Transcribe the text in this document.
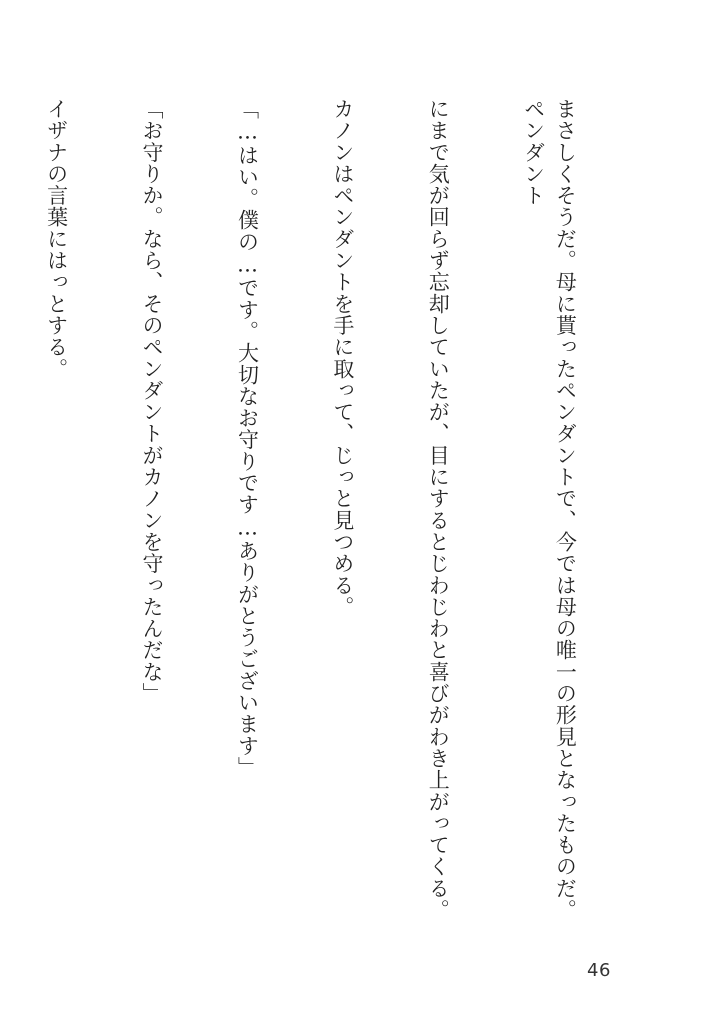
まさしくそうだ。母に貰ったペンダントで、今では母の唯一の形見となったものだ。ペンダント

にまで気が回らず忘却していたが、目にするとじわじわと喜びがわき上がってくる。

カノンはペンダントを手に取って、じっと見つめる。

「…はい。僕の…です。大切なお守りです…ありがとうございます」

「お守りか。なら、そのペンダントがカノンを守ったんだな」

イザナの言葉にはっとする。

46
